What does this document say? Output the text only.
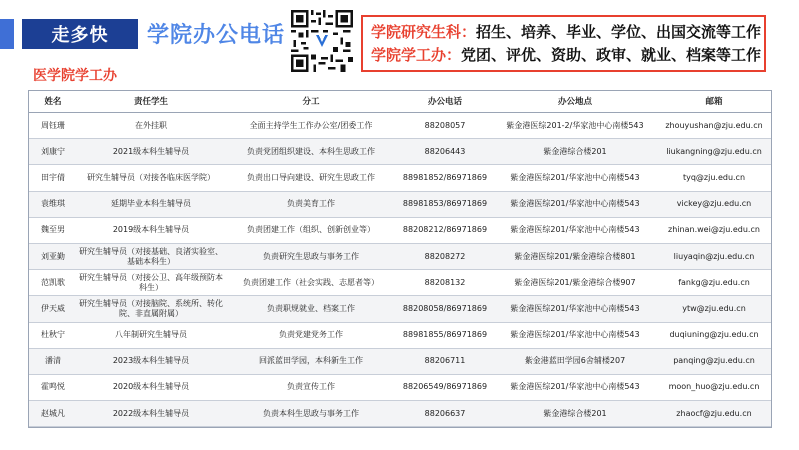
走多快	学院办公电话	学院研究生科：招生、培养、毕业、学位、出国交流等工作
学院学工办：党团、评优、资助、政审、就业、档案等工作
医学院学工办
姓名	责任学生	分工	办公电话	办公地点	邮箱
周钰珊	在外挂职	全面主持学生工作办公室/团委工作	88208057	紫金港医综201-2/华家池中心南楼543	zhouyushan@zju.edu.cn
刘康宁	2021级本科生辅导员	负责党团组织建设、本科生思政工作	88206443	紫金港综合楼201	liukangning@zju.edu.cn
田宇倩	研究生辅导员（对接各临床医学院）	负责出口导向建设、研究生思政工作	88981852/86971869	紫金港医综201/华家池中心南楼543	tyq@zju.edu.cn
袁维琪	延期毕业本科生辅导员	负责美育工作	88981853/86971869	紫金港医综201/华家池中心南楼543	vickey@zju.edu.cn
魏至男	2019级本科生辅导员	负责团建工作（组织、创新创业等）	88208212/86971869	紫金港医综201/华家池中心南楼543	zhinan.wei@zju.edu.cn
刘亚勤	研究生辅导员（对接基础、良渚实验室、基础本科生）	负责研究生思政与事务工作	88208272	紫金港医综201/紫金港综合楼801	liuyaqin@zju.edu.cn
范凯歌	研究生辅导员（对接公卫、高年级预防本科生）	负责团建工作（社会实践、志愿者等）	88208132	紫金港医综201/紫金港综合楼907	fankg@zju.edu.cn
伊天威	研究生辅导员（对接脑院、系统所、转化院、非直属附属）	负责职规就业、档案工作	88208058/86971869	紫金港医综201/华家池中心南楼543	ytw@zju.edu.cn
杜秋宁	八年制研究生辅导员	负责党建党务工作	88981855/86971869	紫金港医综201/华家池中心南楼543	duqiuning@zju.edu.cn
潘清	2023级本科生辅导员	回派蓝田学园，本科新生工作	88206711	紫金港蓝田学园6舍辅楼207	panqing@zju.edu.cn
霍鸣悦	2020级本科生辅导员	负责宣传工作	88206549/86971869	紫金港医综201/华家池中心南楼543	moon_huo@zju.edu.cn
赵城凡	2022级本科生辅导员	负责本科生思政与事务工作	88206637	紫金港综合楼201	zhaocf@zju.edu.cn
